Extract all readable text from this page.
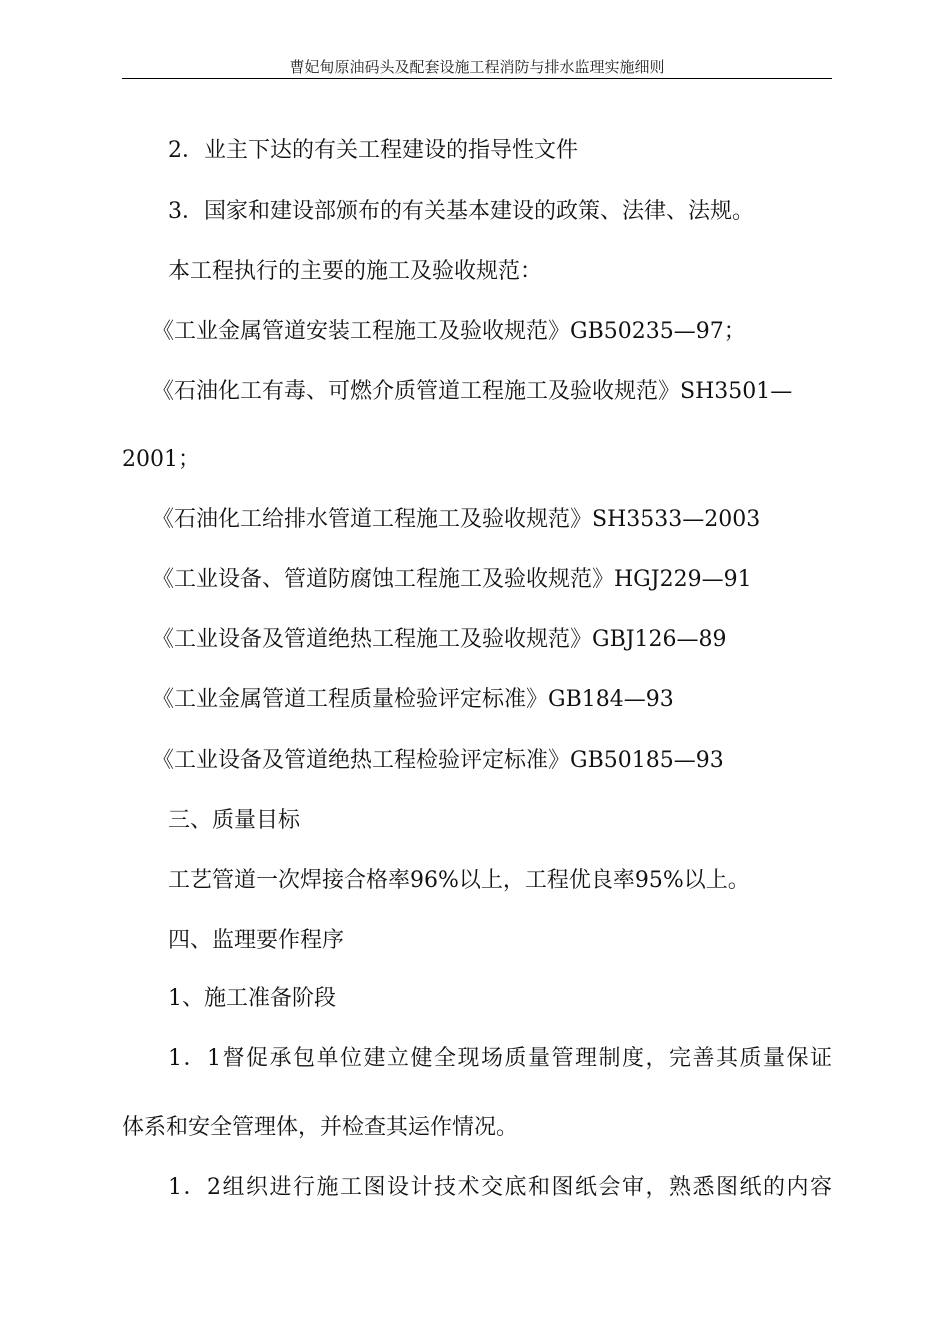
曹妃甸原油码头及配套设施工程消防与排水监理实施细则
2．业主下达的有关工程建设的指导性文件
3．国家和建设部颁布的有关基本建设的政策、法律、法规。
本工程执行的主要的施工及验收规范：
《工业金属管道安装工程施工及验收规范》GB50235—97；
《石油化工有毒、可燃介质管道工程施工及验收规范》SH3501—
2001；
《石油化工给排水管道工程施工及验收规范》SH3533—2003
《工业设备、管道防腐蚀工程施工及验收规范》HGJ229—91
《工业设备及管道绝热工程施工及验收规范》GBJ126—89
《工业金属管道工程质量检验评定标准》GB184—93
《工业设备及管道绝热工程检验评定标准》GB50185—93
三、质量目标
工艺管道一次焊接合格率96%以上，工程优良率95%以上。
四、监理要作程序
1、施工准备阶段
1．1督促承包单位建立健全现场质量管理制度，完善其质量保证
体系和安全管理体，并检查其运作情况。
1．2组织进行施工图设计技术交底和图纸会审，熟悉图纸的内容
